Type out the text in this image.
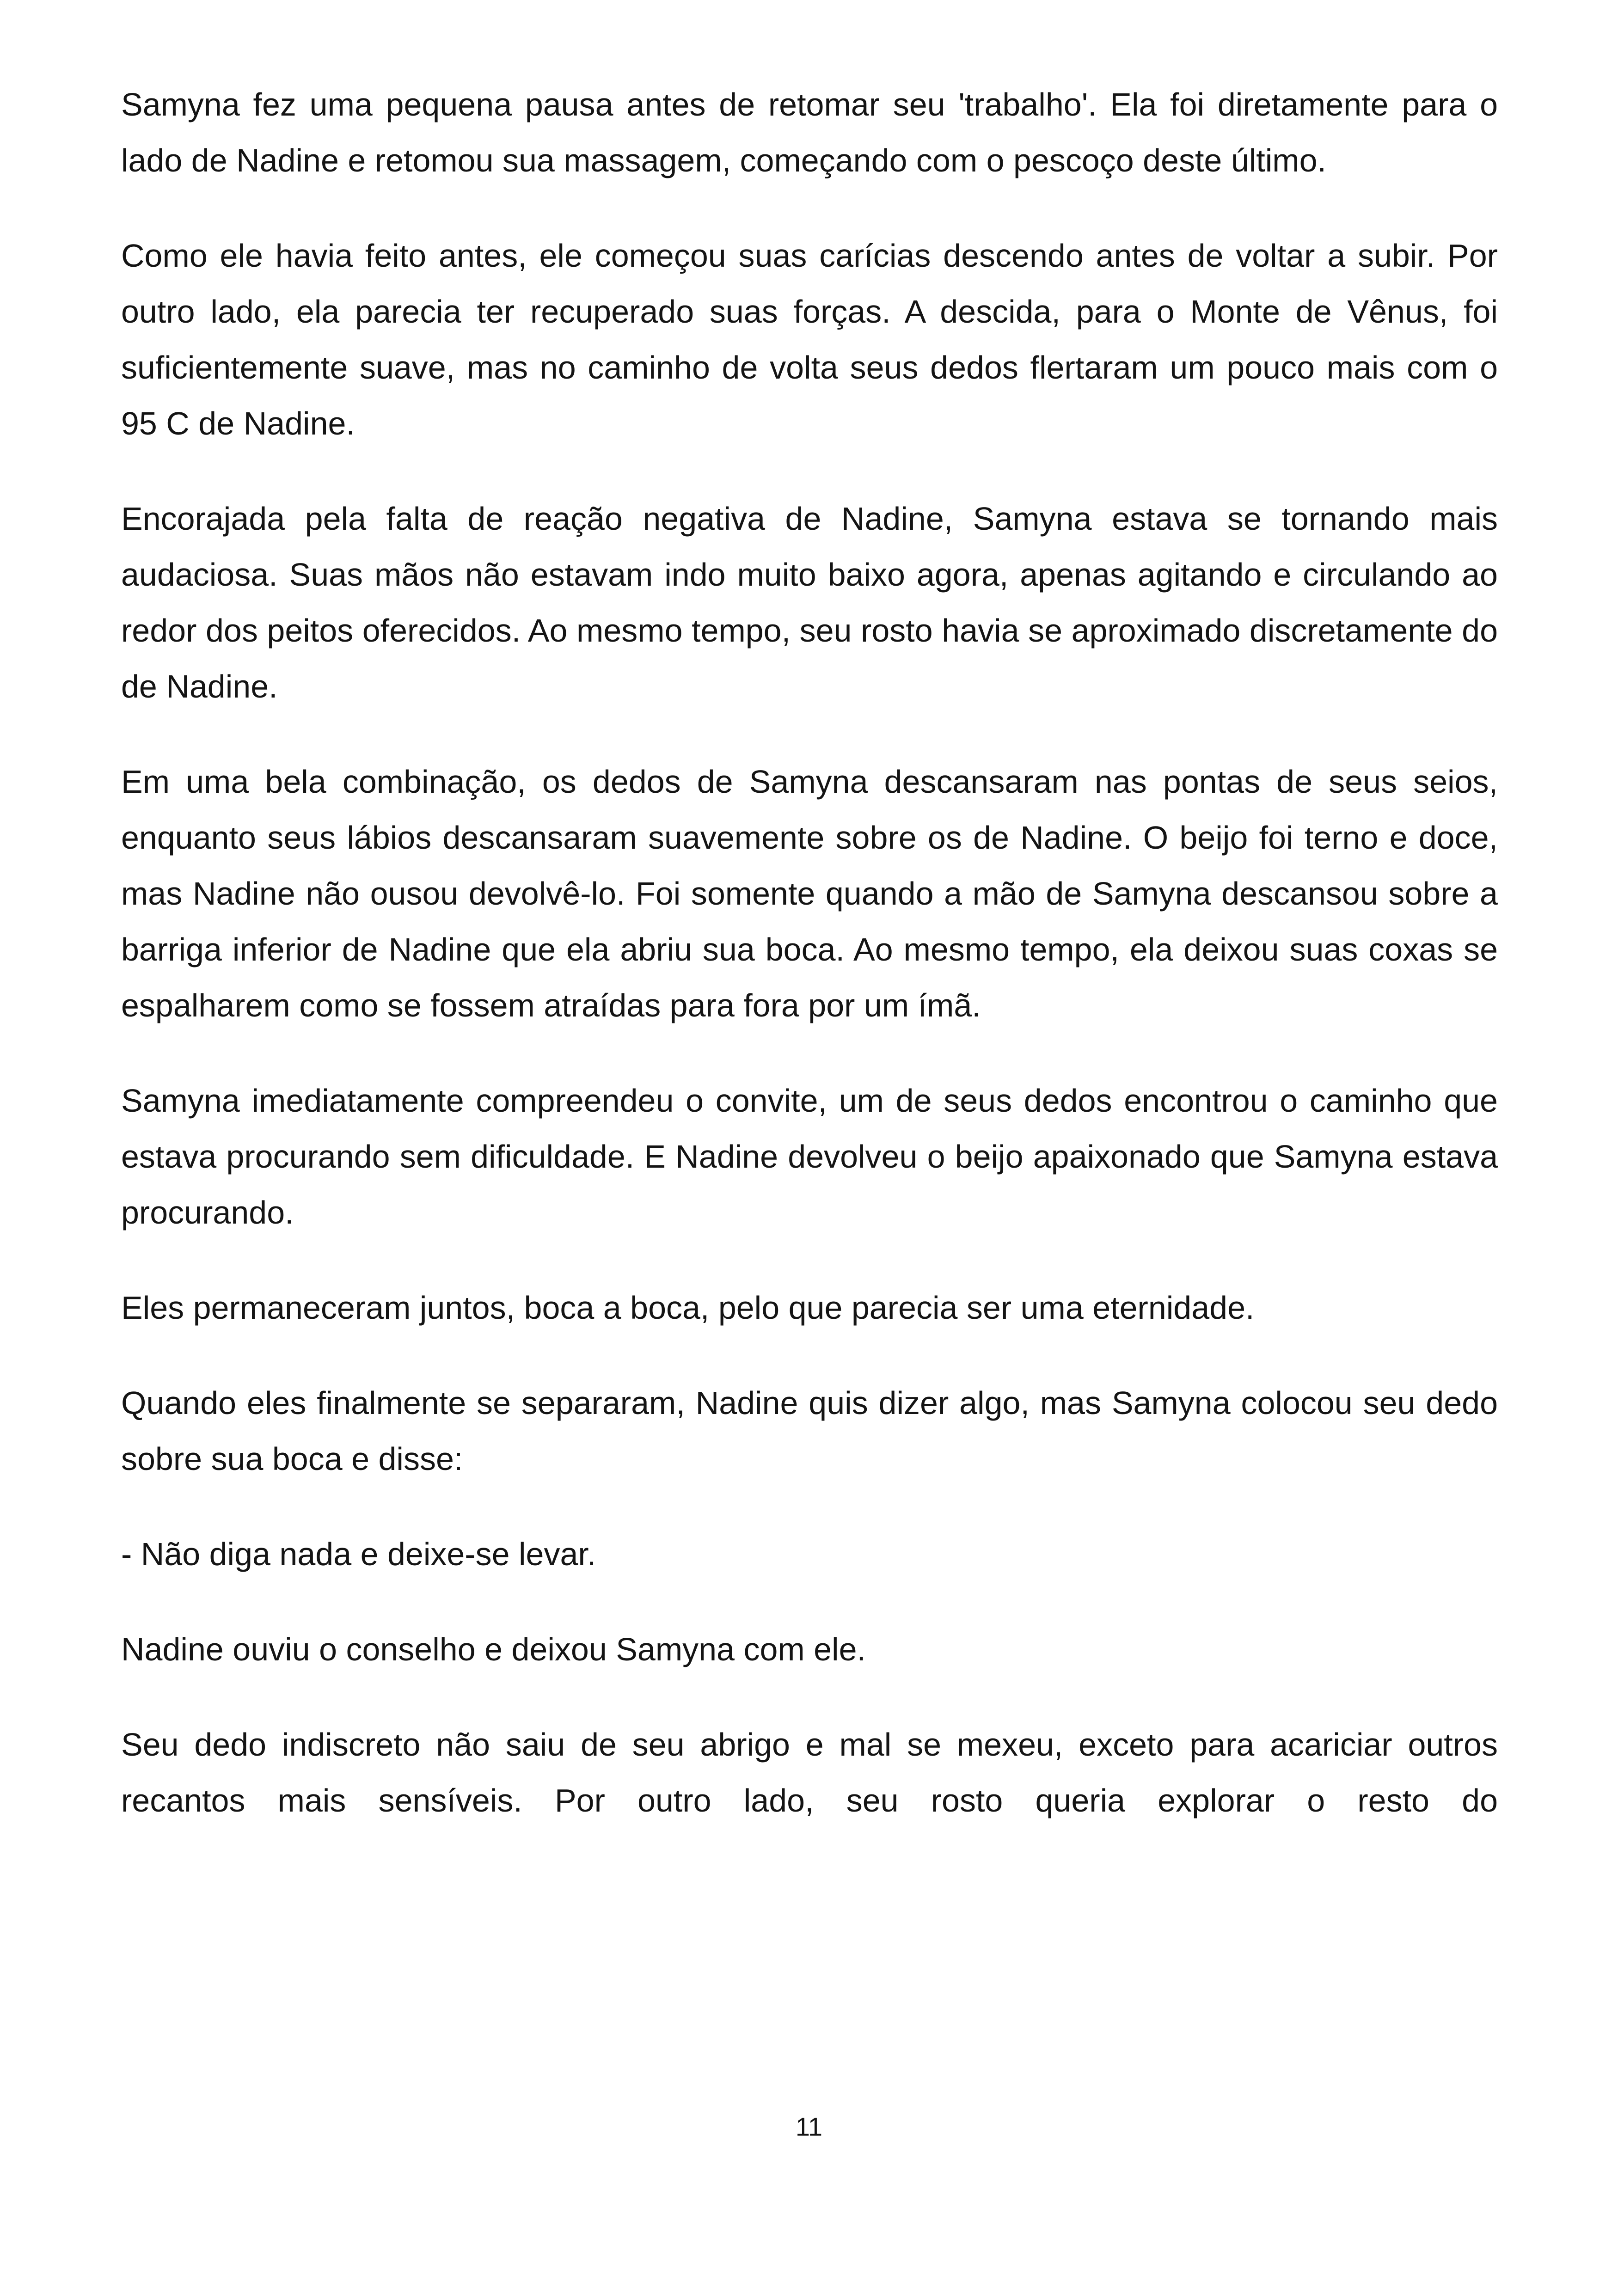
Samyna fez uma pequena pausa antes de retomar seu 'trabalho'. Ela foi diretamente para o lado de Nadine e retomou sua massagem, começando com o pescoço deste último.

Como ele havia feito antes, ele começou suas carícias descendo antes de voltar a subir. Por outro lado, ela parecia ter recuperado suas forças. A descida, para o Monte de Vênus, foi suficientemente suave, mas no caminho de volta seus dedos flertaram um pouco mais com o 95 C de Nadine.

Encorajada pela falta de reação negativa de Nadine, Samyna estava se tornando mais audaciosa. Suas mãos não estavam indo muito baixo agora, apenas agitando e circulando ao redor dos peitos oferecidos. Ao mesmo tempo, seu rosto havia se aproximado discretamente do de Nadine.

Em uma bela combinação, os dedos de Samyna descansaram nas pontas de seus seios, enquanto seus lábios descansaram suavemente sobre os de Nadine. O beijo foi terno e doce, mas Nadine não ousou devolvê-lo. Foi somente quando a mão de Samyna descansou sobre a barriga inferior de Nadine que ela abriu sua boca. Ao mesmo tempo, ela deixou suas coxas se espalharem como se fossem atraídas para fora por um ímã.

Samyna imediatamente compreendeu o convite, um de seus dedos encontrou o caminho que estava procurando sem dificuldade. E Nadine devolveu o beijo apaixonado que Samyna estava procurando.

Eles permaneceram juntos, boca a boca, pelo que parecia ser uma eternidade.

Quando eles finalmente se separaram, Nadine quis dizer algo, mas Samyna colocou seu dedo sobre sua boca e disse:

- Não diga nada e deixe-se levar.

Nadine ouviu o conselho e deixou Samyna com ele.

Seu dedo indiscreto não saiu de seu abrigo e mal se mexeu, exceto para acariciar outros recantos mais sensíveis. Por outro lado, seu rosto queria explorar o resto do

11
